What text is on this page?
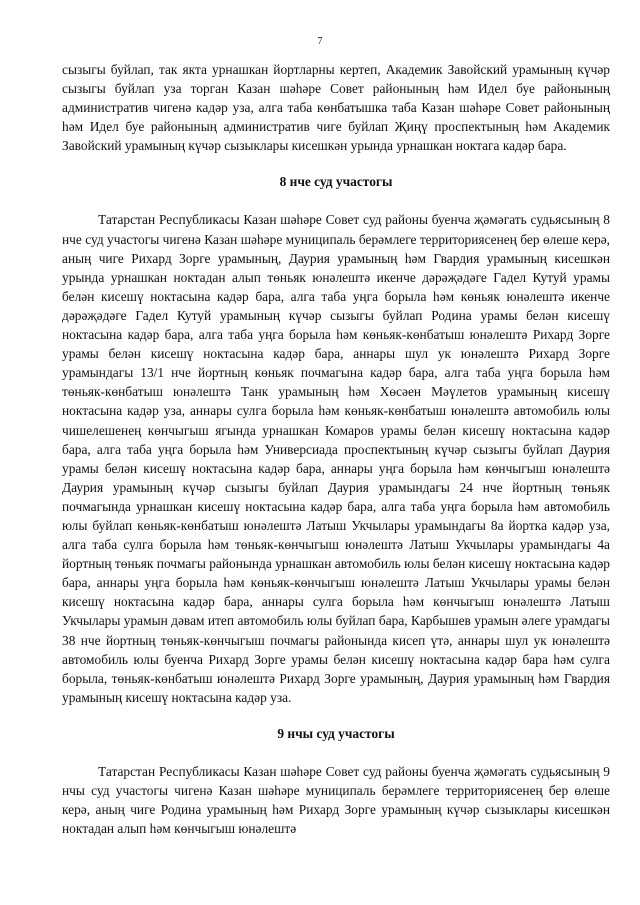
7

сызыгы буйлап, так якта урнашкан йортларны кертеп, Академик Завойский урамының күчәр сызыгы буйлап уза торган Казан шәһәре Совет районының һәм Идел буе районының административ чигенә кадәр уза, алга таба көнбатышка таба Казан шәһәре Совет районының һәм Идел буе районының административ чиге буйлап Җиңү проспектының һәм Академик Завойский урамының күчәр сызыклары кисешкән урында урнашкан ноктага кадәр бара.

8 нче суд участогы

Татарстан Республикасы Казан шәһәре Совет суд районы буенча җәмәгать судьясының 8 нче суд участогы чигенә Казан шәһәре муниципаль берәмлеге территориясенең бер өлеше керә, аның чиге Рихард Зорге урамының, Даурия урамының һәм Гвардия урамының кисешкән урында урнашкан ноктадан алып төньяк юнәлештә икенче дәрәҗәдәге Гадел Кутуй урамы белән кисешү ноктасына кадәр бара, алга таба уңга борыла һәм көньяк юнәлештә икенче дәрәҗәдәге Гадел Кутуй урамының күчәр сызыгы буйлап Родина урамы белән кисешү ноктасына кадәр бара, алга таба уңга борыла һәм көньяк-көнбатыш юнәлештә Рихард Зорге урамы белән кисешү ноктасына кадәр бара, аннары шул ук юнәлештә Рихард Зорге урамындагы 13/1 нче йортның көньяк почмагына кадәр бара, алга таба уңга борыла һәм төньяк-көнбатыш юнәлештә Танк урамының һәм Хөсәен Мәүлетов урамының кисешү ноктасына кадәр уза, аннары сулга борыла һәм көньяк-көнбатыш юнәлештә автомобиль юлы чишелешенең көнчыгыш ягында урнашкан Комаров урамы белән кисешү ноктасына кадәр бара, алга таба уңга борыла һәм Универсиада проспектының күчәр сызыгы буйлап Даурия урамы белән кисешү ноктасына кадәр бара, аннары уңга борыла һәм көнчыгыш юнәлештә Даурия урамының күчәр сызыгы буйлап Даурия урамындагы 24 нче йортның төньяк почмагында урнашкан кисешү ноктасына кадәр бара, алга таба уңга борыла һәм автомобиль юлы буйлап көньяк-көнбатыш юнәлештә Латыш Укчылары урамындагы 8а йортка кадәр уза, алга таба сулга борыла һәм төньяк-көнчыгыш юнәлештә Латыш Укчылары урамындагы 4а йортның төньяк почмагы районында урнашкан автомобиль юлы белән кисешү ноктасына кадәр бара, аннары уңга борыла һәм көньяк-көнчыгыш юнәлештә Латыш Укчылары урамы белән кисешү ноктасына кадәр бара, аннары сулга борыла һәм көнчыгыш юнәлештә Латыш Укчылары урамын дәвам итеп автомобиль юлы буйлап бара, Карбышев урамын әлеге урамдагы 38 нче йортның төньяк-көнчыгыш почмагы районында кисеп үтә, аннары шул ук юнәлештә автомобиль юлы буенча Рихард Зорге урамы белән кисешү ноктасына кадәр бара һәм сулга борыла, төньяк-көнбатыш юнәлештә Рихард Зорге урамының, Даурия урамының һәм Гвардия урамының кисешү ноктасына кадәр уза.

9 нчы суд участогы

Татарстан Республикасы Казан шәһәре Совет суд районы буенча җәмәгать судьясының 9 нчы суд участогы чигенә Казан шәһәре муниципаль берәмлеге территориясенең бер өлеше керә, аның чиге Родина урамының һәм Рихард Зорге урамының күчәр сызыклары кисешкән ноктадан алып һәм көнчыгыш юнәлештә
